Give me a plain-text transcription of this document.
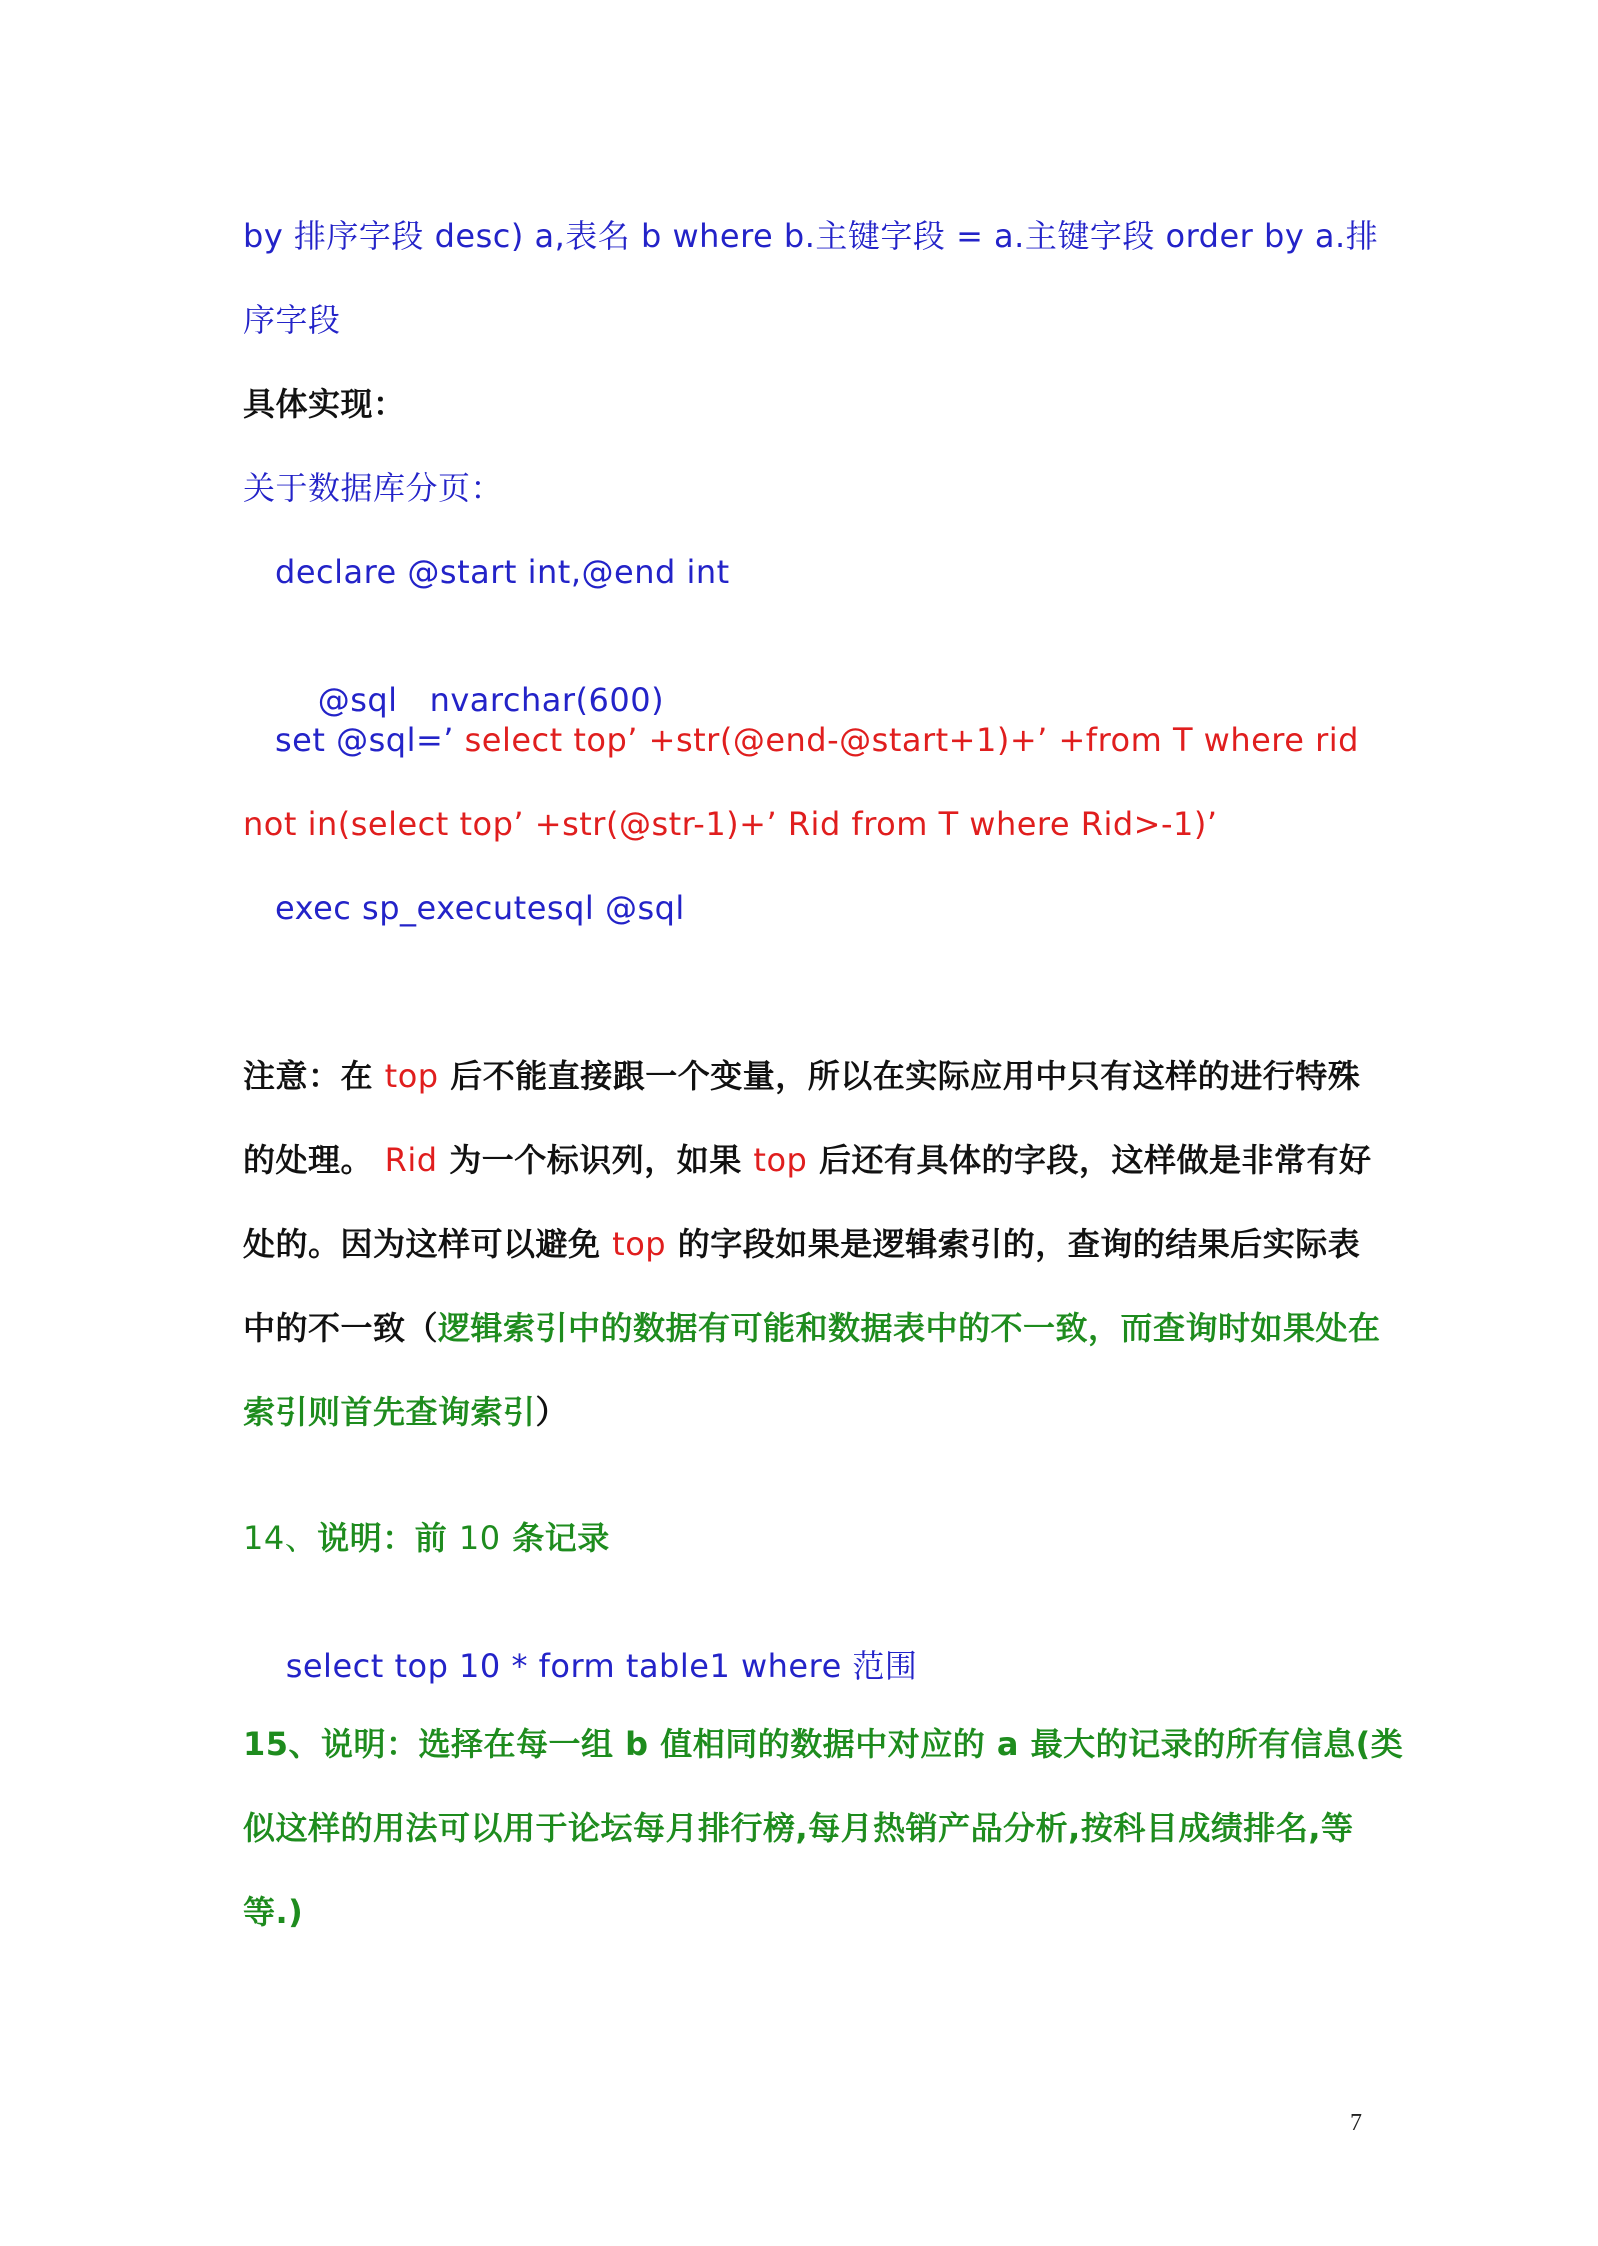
by 排序字段 desc) a,表名 b where b.主键字段 = a.主键字段 order by a.排
序字段
具体实现：
关于数据库分页：
declare @start int,@end int

@sql   nvarchar(600)

set @sql=’ select top’ +str(@end-@start+1)+’ +from T where rid
not in(select top’ +str(@str-1)+’ Rid from T where Rid>-1)’
exec sp_executesql @sql
注意：在 top 后不能直接跟一个变量，所以在实际应用中只有这样的进行特殊
的处理。 Rid 为一个标识列，如果 top 后还有具体的字段，这样做是非常有好
处的。因为这样可以避免 top 的字段如果是逻辑索引的，查询的结果后实际表
中的不一致（逻辑索引中的数据有可能和数据表中的不一致，而查询时如果处在
索引则首先查询索引）
14、说明：前 10 条记录

select top 10 * form table1 where 范围

15、说明：选择在每一组 b 值相同的数据中对应的 a 最大的记录的所有信息(类
似这样的用法可以用于论坛每月排行榜,每月热销产品分析,按科目成绩排名,等
等.)
7
